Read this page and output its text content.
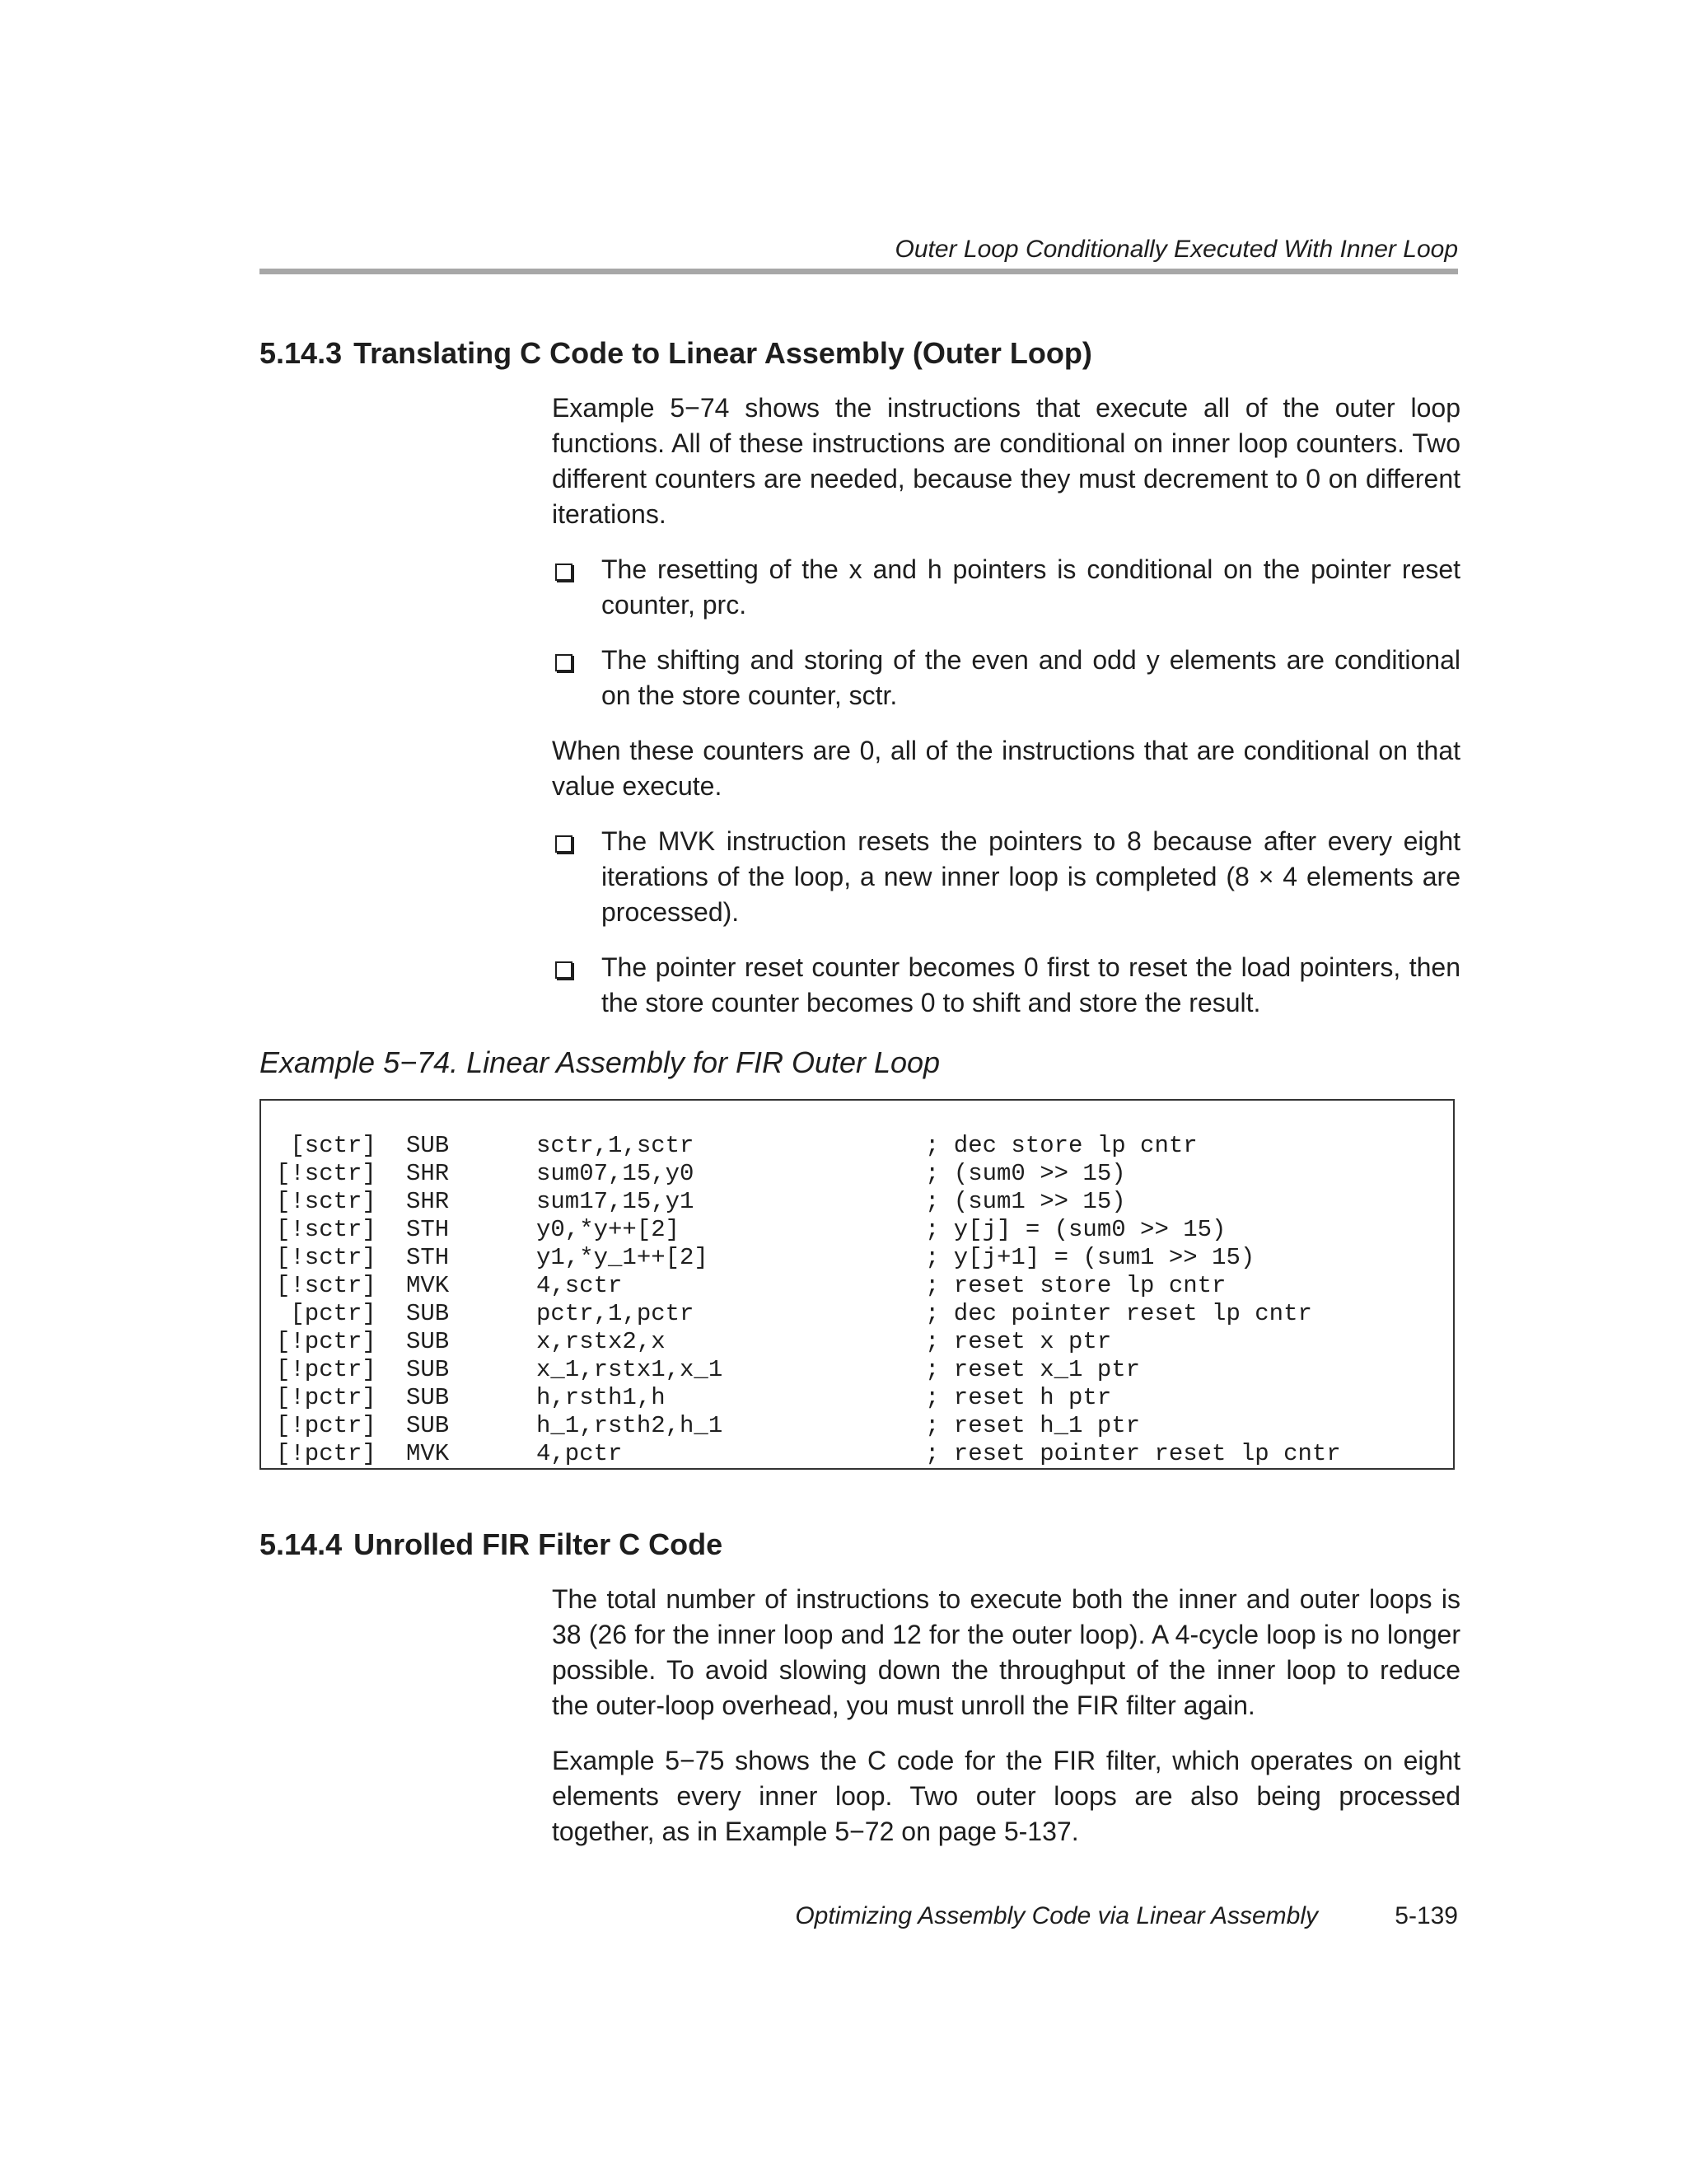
Outer Loop Conditionally Executed With Inner Loop
5.14.3 Translating C Code to Linear Assembly (Outer Loop)

Example 5−74 shows the instructions that execute all of the outer loop functions. All of these instructions are conditional on inner loop counters. Two different counters are needed, because they must decrement to 0 on different iterations.

The resetting of the x and h pointers is conditional on the pointer reset counter, prc.
The shifting and storing of the even and odd y elements are conditional on the store counter, sctr.

When these counters are 0, all of the instructions that are conditional on that value execute.

The MVK instruction resets the pointers to 8 because after every eight iterations of the loop, a new inner loop is completed (8 × 4 elements are processed).
The pointer reset counter becomes 0 first to reset the load pointers, then the store counter becomes 0 to shift and store the result.
Example 5−74. Linear Assembly for FIR Outer Loop
[sctr] SUB	sctr,1,sctr	; dec store lp cntr
[!sctr] SHR	sum07,15,y0	; (sum0 >> 15)
[!sctr] SHR	sum17,15,y1	; (sum1 >> 15)
[!sctr] STH	y0,*y++[2]	; y[j] = (sum0 >> 15)
[!sctr] STH	y1,*y_1++[2]	; y[j+1] = (sum1 >> 15)
[!sctr] MVK	4,sctr	; reset store lp cntr
[pctr] SUB	pctr,1,pctr	; dec pointer reset lp cntr
[!pctr] SUB	x,rstx2,x	; reset x ptr
[!pctr] SUB	x_1,rstx1,x_1	; reset x_1 ptr
[!pctr] SUB	h,rsth1,h	; reset h ptr
[!pctr] SUB	h_1,rsth2,h_1	; reset h_1 ptr
[!pctr] MVK	4,pctr	; reset pointer reset lp cntr
5.14.4 Unrolled FIR Filter C Code

The total number of instructions to execute both the inner and outer loops is 38 (26 for the inner loop and 12 for the outer loop). A 4-cycle loop is no longer possible. To avoid slowing down the throughput of the inner loop to reduce the outer-loop overhead, you must unroll the FIR filter again.

Example 5−75 shows the C code for the FIR filter, which operates on eight elements every inner loop. Two outer loops are also being processed together, as in Example 5−72 on page 5-137.

Optimizing Assembly Code via Linear Assembly	5-139
